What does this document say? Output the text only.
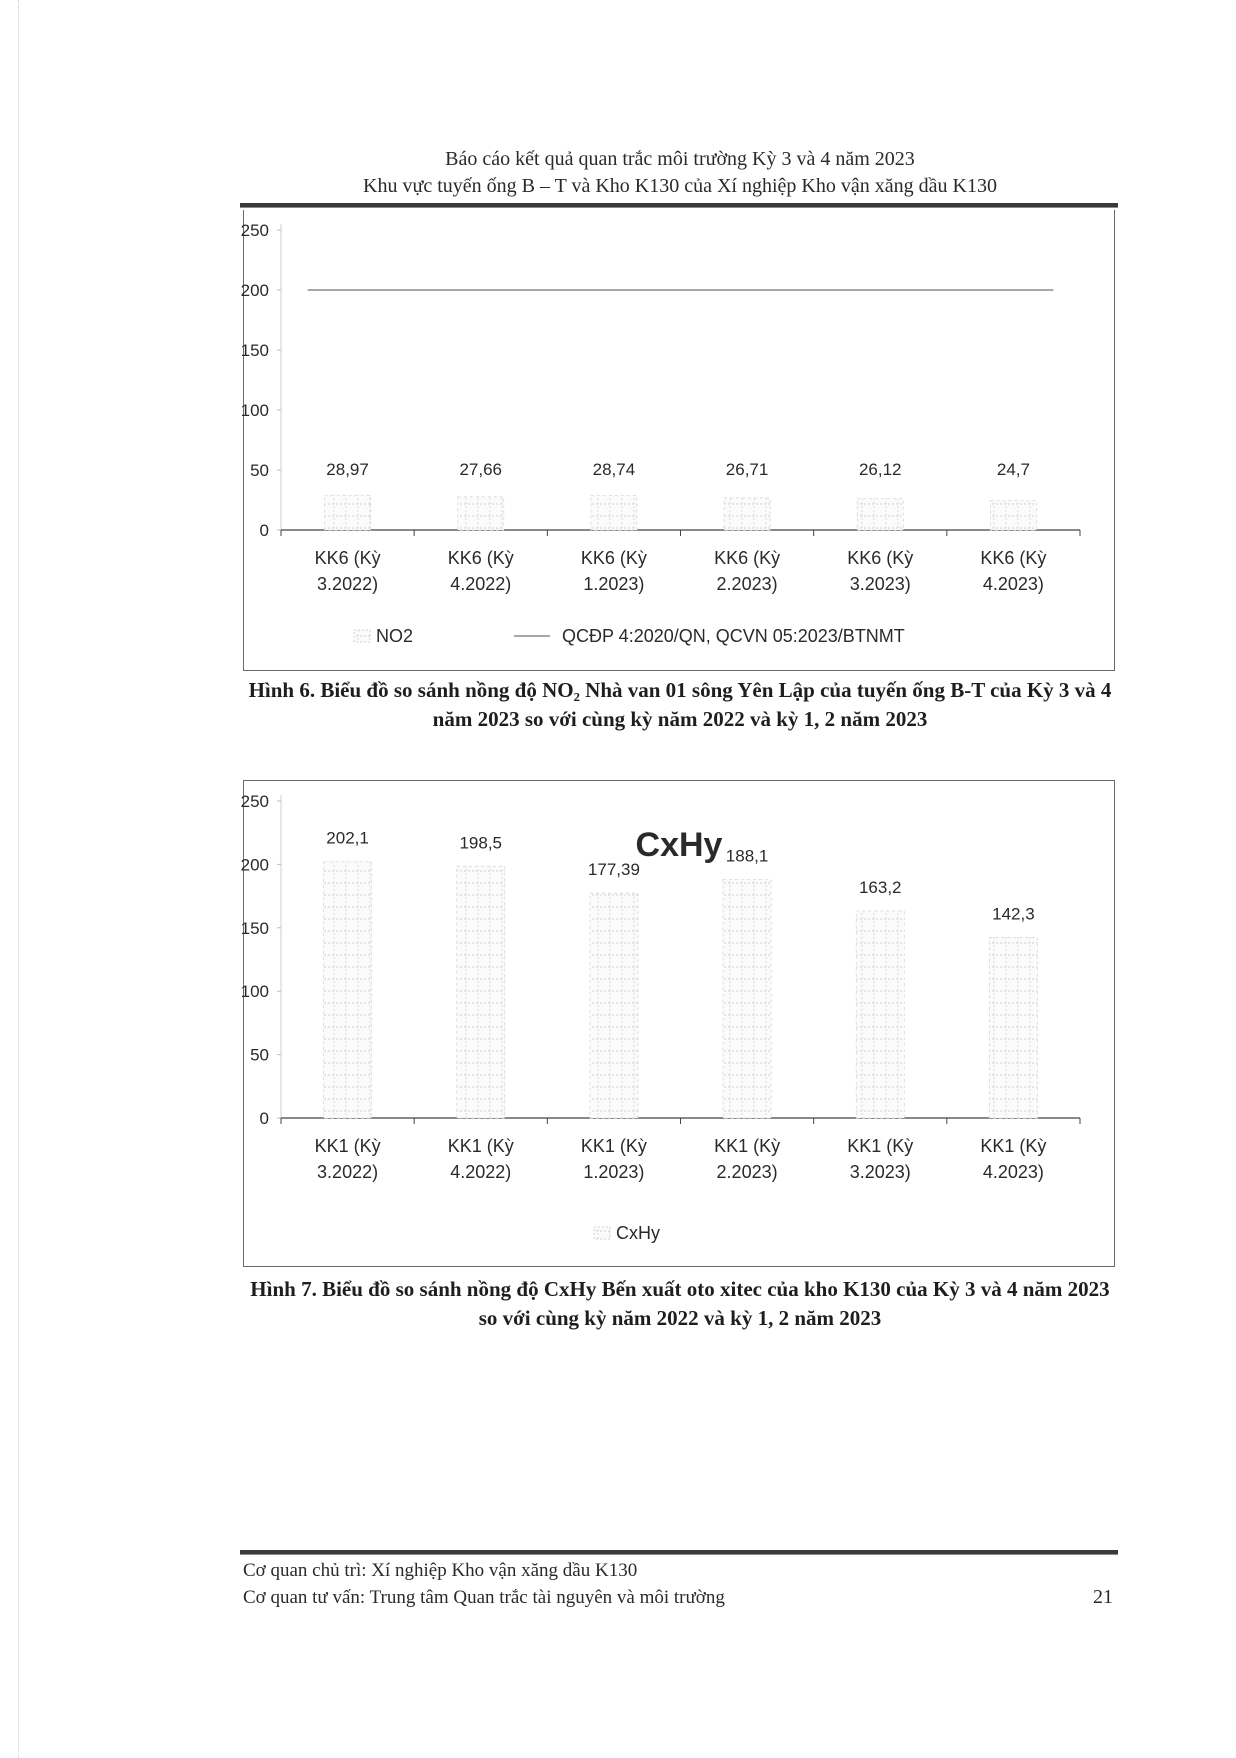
Báo cáo kết quả quan trắc môi trường Kỳ 3 và 4 năm 2023
Khu vực tuyến ống B – T và Kho K130 của Xí nghiệp Kho vận xăng dầu K130
0
50
100
150
200
250
28,97	27,66	28,74	26,71	26,12	24,7
KK6 (Kỳ
3.2022)
KK6 (Kỳ
4.2022)
KK6 (Kỳ
1.2023)
KK6 (Kỳ
2.2023)
KK6 (Kỳ
3.2023)
KK6 (Kỳ
4.2023)
NO2	QCĐP 4:2020/QN, QCVN 05:2023/BTNMT
Hình 6. Biểu đồ so sánh nồng độ NO₂ Nhà van 01 sông Yên Lập của tuyến ống B-T của Kỳ 3 và 4 năm 2023 so với cùng kỳ năm 2022 và kỳ 1, 2 năm 2023
0
50
100
150
200
250
202,1	198,5
177,39
188,1
163,2
142,3
KK1 (Kỳ
3.2022)
KK1 (Kỳ
4.2022)
KK1 (Kỳ
1.2023)
KK1 (Kỳ
2.2023)
KK1 (Kỳ
3.2023)
KK1 (Kỳ
4.2023)
CxHy
CxHy
Hình 7. Biểu đồ so sánh nồng độ CxHy Bến xuất oto xitec của kho K130 của Kỳ 3 và 4 năm 2023 so với cùng kỳ năm 2022 và kỳ 1, 2 năm 2023
Cơ quan chủ trì: Xí nghiệp Kho vận xăng dầu K130
Cơ quan tư vấn: Trung tâm Quan trắc tài nguyên và môi trường	21
